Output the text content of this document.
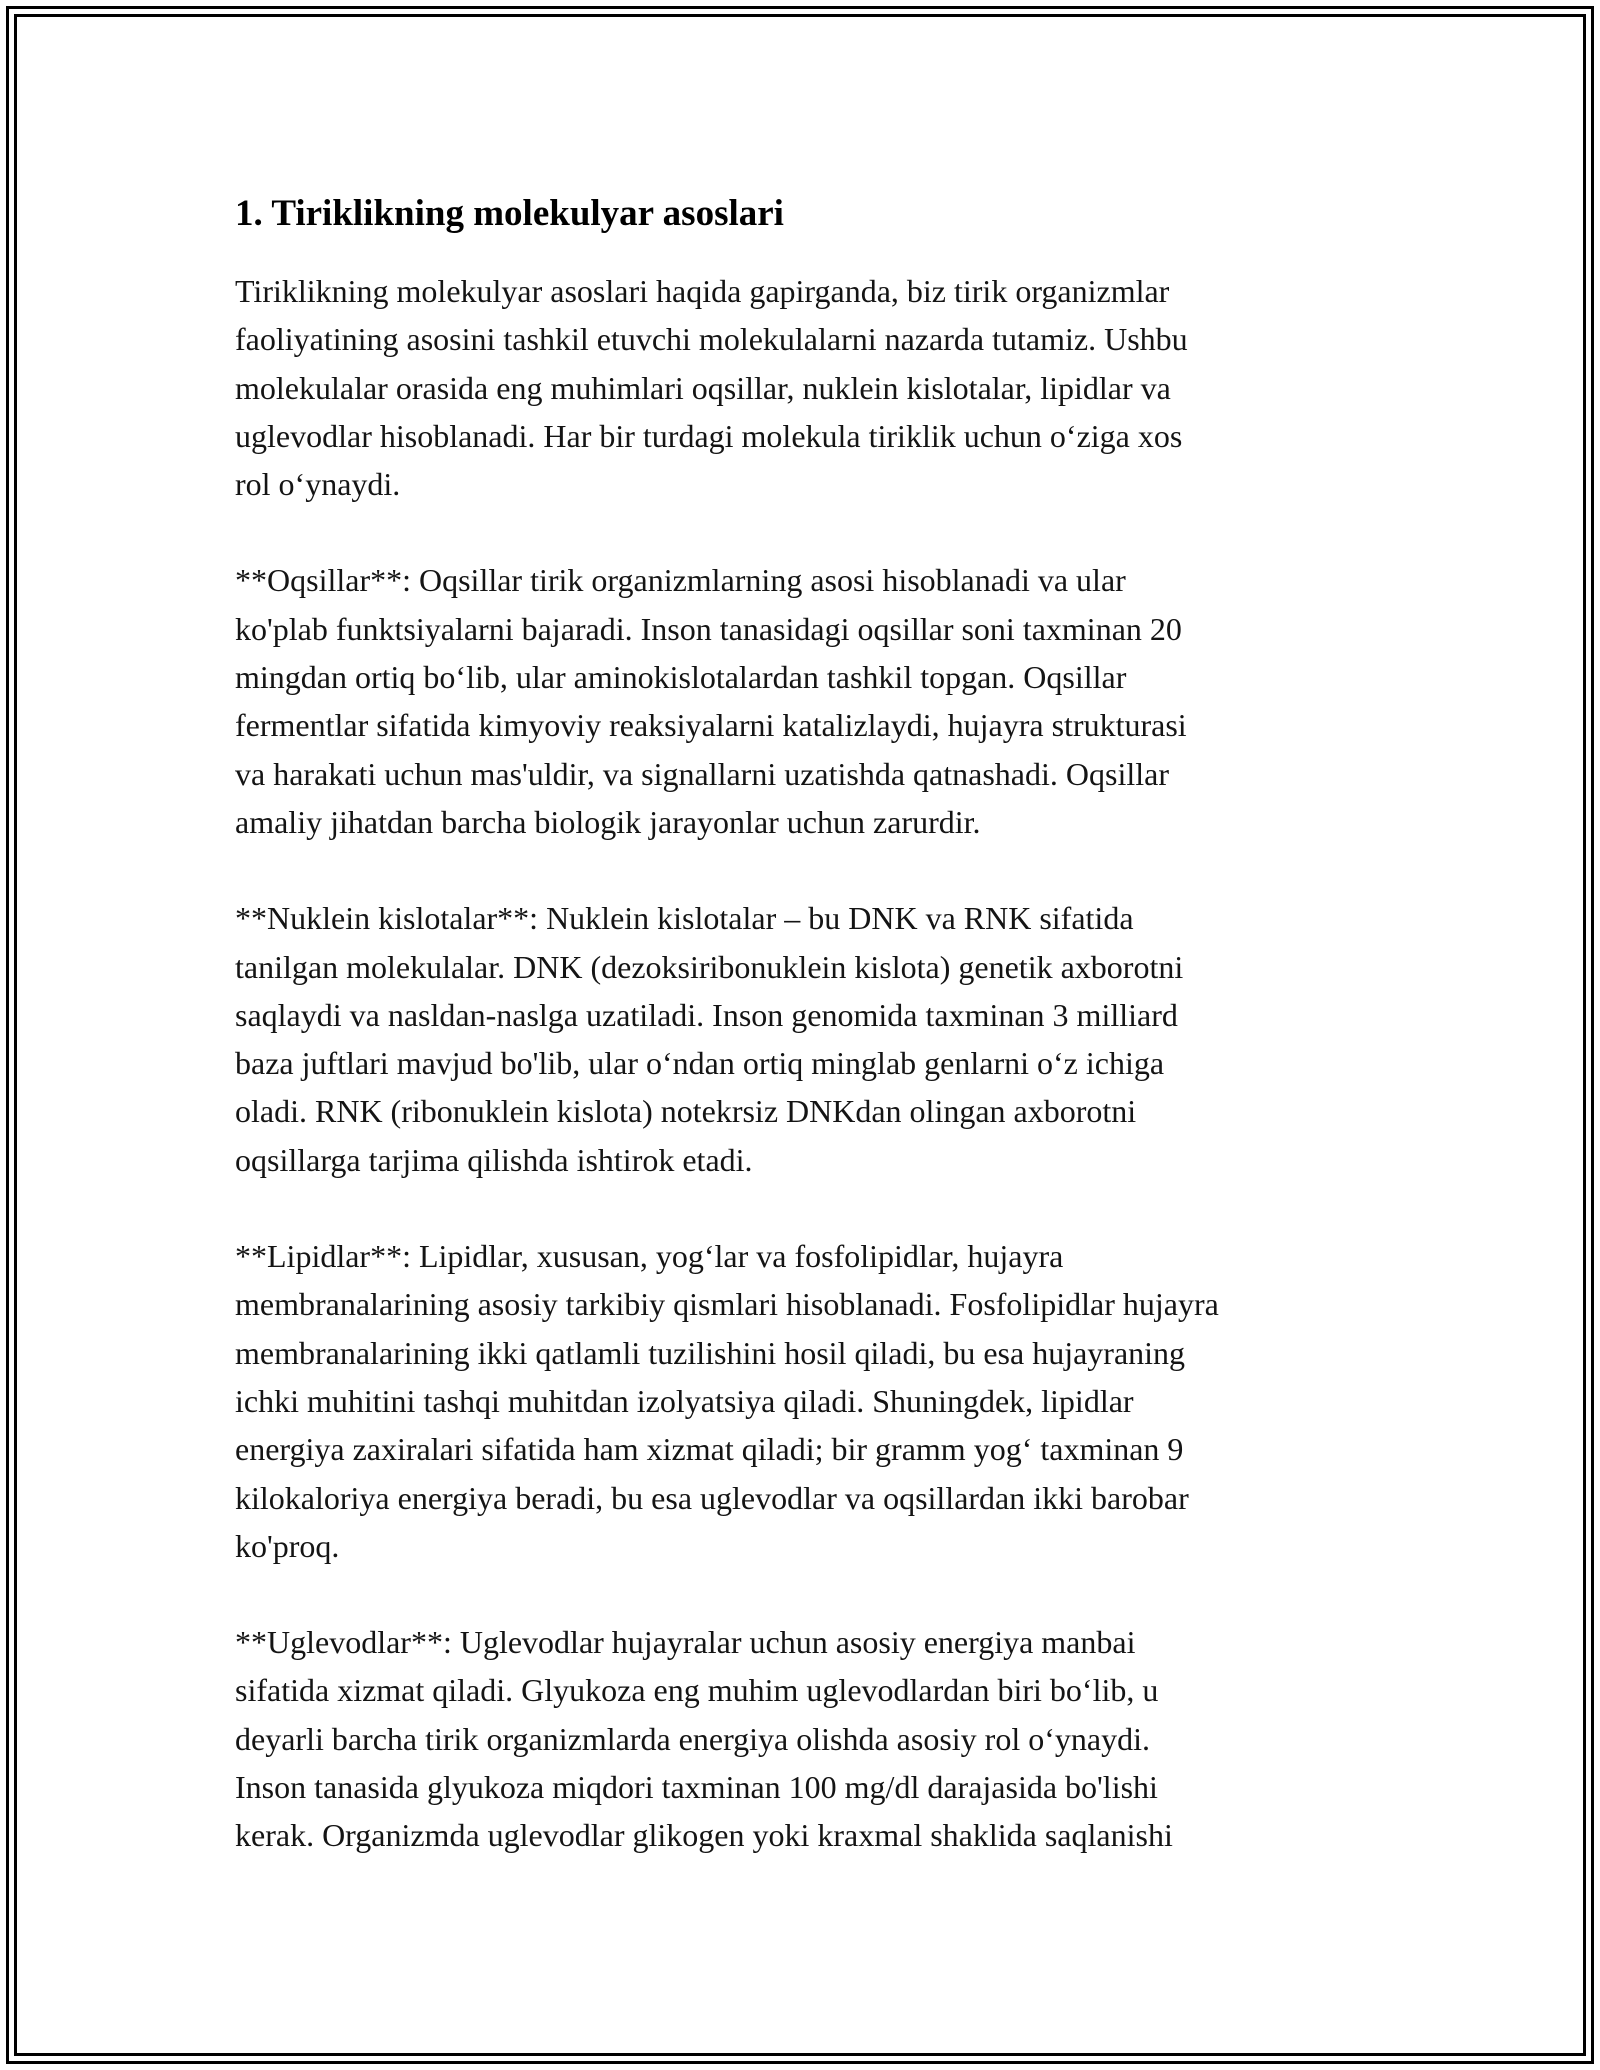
1. Tiriklikning molekulyar asoslari

Tiriklikning molekulyar asoslari haqida gapirganda, biz tirik organizmlar
faoliyatining asosini tashkil etuvchi molekulalarni nazarda tutamiz. Ushbu
molekulalar orasida eng muhimlari oqsillar, nuklein kislotalar, lipidlar va
uglevodlar hisoblanadi. Har bir turdagi molekula tiriklik uchun o‘ziga xos
rol o‘ynaydi.

**Oqsillar**: Oqsillar tirik organizmlarning asosi hisoblanadi va ular
ko'plab funktsiyalarni bajaradi. Inson tanasidagi oqsillar soni taxminan 20
mingdan ortiq bo‘lib, ular aminokislotalardan tashkil topgan. Oqsillar
fermentlar sifatida kimyoviy reaksiyalarni katalizlaydi, hujayra strukturasi
va harakati uchun mas'uldir, va signallarni uzatishda qatnashadi. Oqsillar
amaliy jihatdan barcha biologik jarayonlar uchun zarurdir.

**Nuklein kislotalar**: Nuklein kislotalar – bu DNK va RNK sifatida
tanilgan molekulalar. DNK (dezoksiribonuklein kislota) genetik axborotni
saqlaydi va nasldan-naslga uzatiladi. Inson genomida taxminan 3 milliard
baza juftlari mavjud bo'lib, ular o‘ndan ortiq minglab genlarni o‘z ichiga
oladi. RNK (ribonuklein kislota) notekrsiz DNKdan olingan axborotni
oqsillarga tarjima qilishda ishtirok etadi.

**Lipidlar**: Lipidlar, xususan, yog‘lar va fosfolipidlar, hujayra
membranalarining asosiy tarkibiy qismlari hisoblanadi. Fosfolipidlar hujayra
membranalarining ikki qatlamli tuzilishini hosil qiladi, bu esa hujayraning
ichki muhitini tashqi muhitdan izolyatsiya qiladi. Shuningdek, lipidlar
energiya zaxiralari sifatida ham xizmat qiladi; bir gramm yog‘ taxminan 9
kilokaloriya energiya beradi, bu esa uglevodlar va oqsillardan ikki barobar
ko'proq.

**Uglevodlar**: Uglevodlar hujayralar uchun asosiy energiya manbai
sifatida xizmat qiladi. Glyukoza eng muhim uglevodlardan biri bo‘lib, u
deyarli barcha tirik organizmlarda energiya olishda asosiy rol o‘ynaydi.
Inson tanasida glyukoza miqdori taxminan 100 mg/dl darajasida bo'lishi
kerak. Organizmda uglevodlar glikogen yoki kraxmal shaklida saqlanishi
